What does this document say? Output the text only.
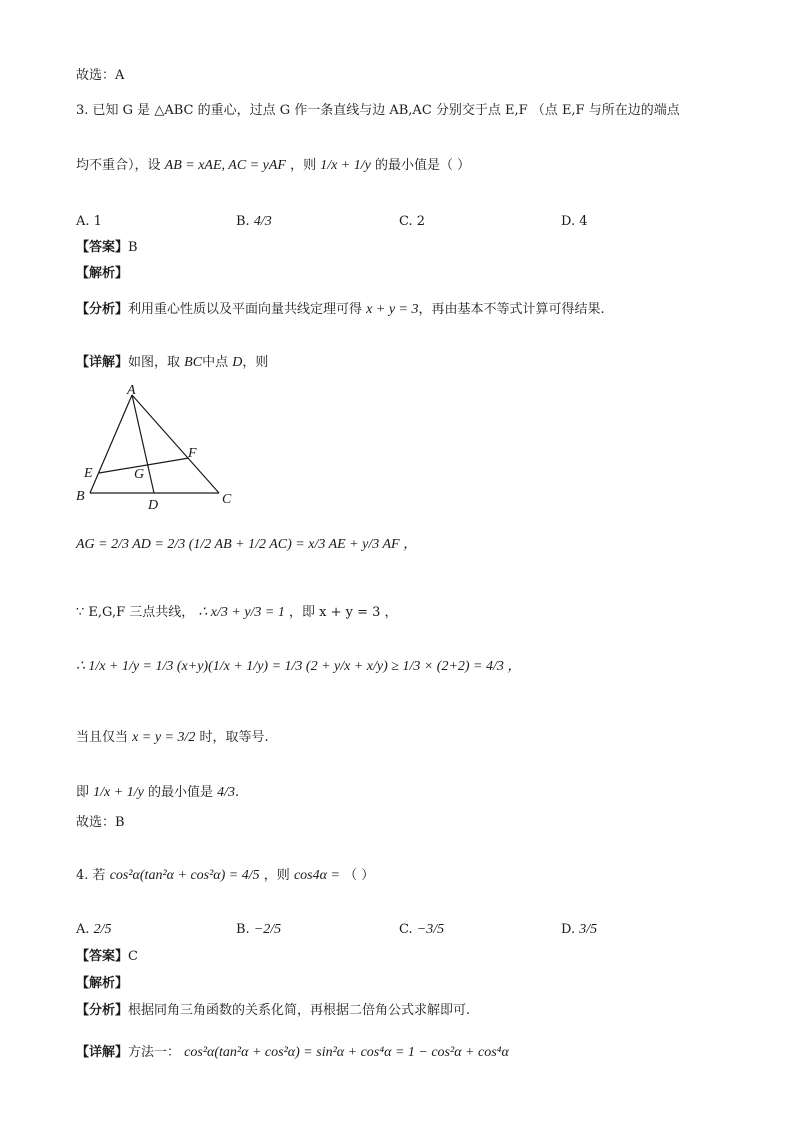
故选：A
3. 已知 G 是 △ABC 的重心，过点 G 作一条直线与边 AB,AC 分别交于点 E,F （点 E,F 与所在边的端点
均不重合），设 AB = xAE, AC = yAF ，则 1/x + 1/y 的最小值是（ ）
A. 1	B. 4/3	C. 2	D. 4
【答案】B
【解析】
【分析】利用重心性质以及平面向量共线定理可得 x + y = 3，再由基本不等式计算可得结果.
【详解】如图，取 BC中点 D，则
A
B	C
D
E
F
G
AG = 2/3 AD = 2/3 (1/2 AB + 1/2 AC) = x/3 AE + y/3 AF ，
∵ E,G,F 三点共线， ∴ x/3 + y/3 = 1 ，即 x + y = 3 ，
∴ 1/x + 1/y = 1/3 (x+y)(1/x + 1/y) = 1/3 (2 + y/x + x/y) ≥ 1/3 × (2+2) = 4/3 ，
当且仅当 x = y = 3/2 时，取等号.
即 1/x + 1/y 的最小值是 4/3.
故选：B
4. 若 cos²α(tan²α + cos²α) = 4/5 ，则 cos4α = （ ）
A. 2/5	B. −2/5	C. −3/5	D. 3/5
【答案】C
【解析】
【分析】根据同角三角函数的关系化简，再根据二倍角公式求解即可.
【详解】方法一： cos²α(tan²α + cos²α) = sin²α + cos⁴α = 1 − cos²α + cos⁴α
